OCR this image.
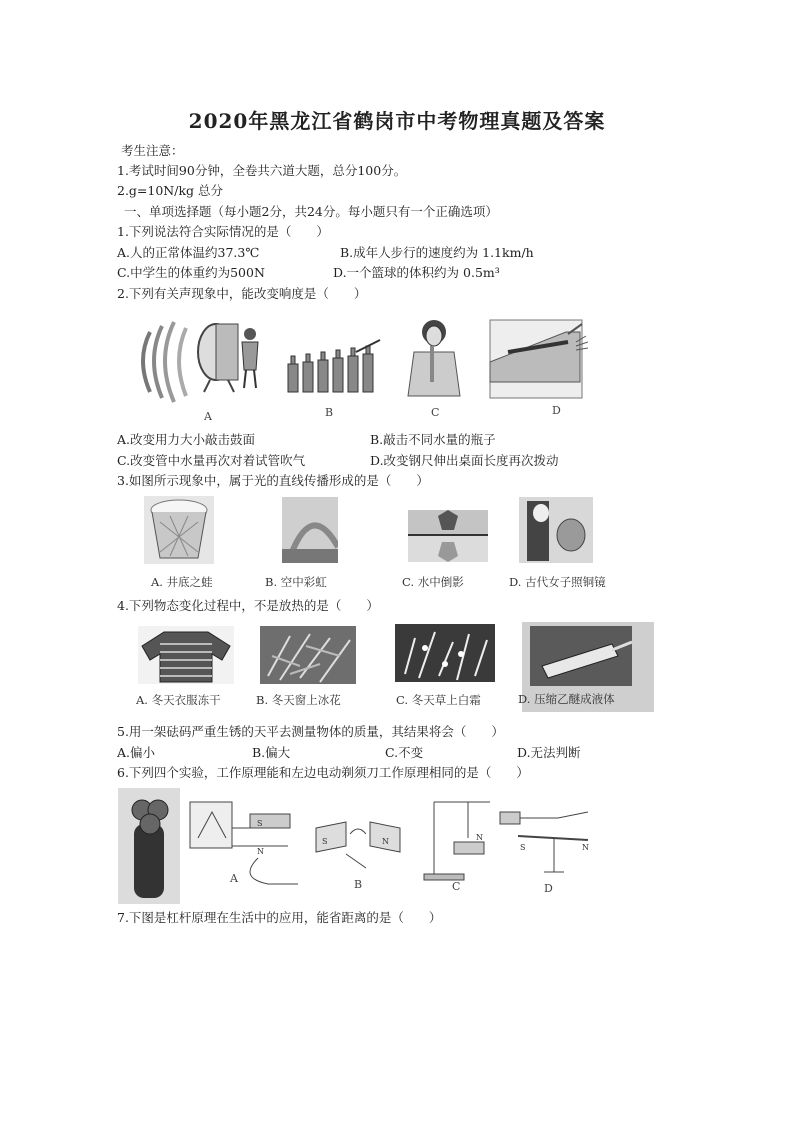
2020年黑龙江省鹤岗市中考物理真题及答案
考生注意：
1.考试时间90分钟，全卷共六道大题，总分100分。
2.g=10N/kg 总分
一、单项选择题（每小题2分，共24分。每小题只有一个正确选项）
1.下列说法符合实际情况的是（　　）
A.人的正常体温约37.3℃	B.成年人步行的速度约为 1.1km/h
C.中学生的体重约为500N	D.一个篮球的体积约为 0.5m³
2.下列有关声现象中，能改变响度是（　　）
A	B	C	D
A.改变用力大小敲击鼓面	B.敲击不同水量的瓶子
C.改变管中水量再次对着试管吹气	D.改变钢尺伸出桌面长度再次拨动
3.如图所示现象中，属于光的直线传播形成的是（　　）
A. 井底之蛙	B. 空中彩虹	C. 水中倒影	D. 古代女子照铜镜
4.下列物态变化过程中，不是放热的是（　　）
A. 冬天衣服冻干	B. 冬天窗上冰花	C. 冬天草上白霜	D. 压缩乙醚成液体
5.用一架砝码严重生锈的天平去测量物体的质量，其结果将会（　　）
A.偏小	B.偏大	C.不变	D.无法判断
6.下列四个实验，工作原理能和左边电动剃须刀工作原理相同的是（　　）
S
N
A
S	N
B
N
C
S	N
D
7.下图是杠杆原理在生活中的应用，能省距离的是（　　）
